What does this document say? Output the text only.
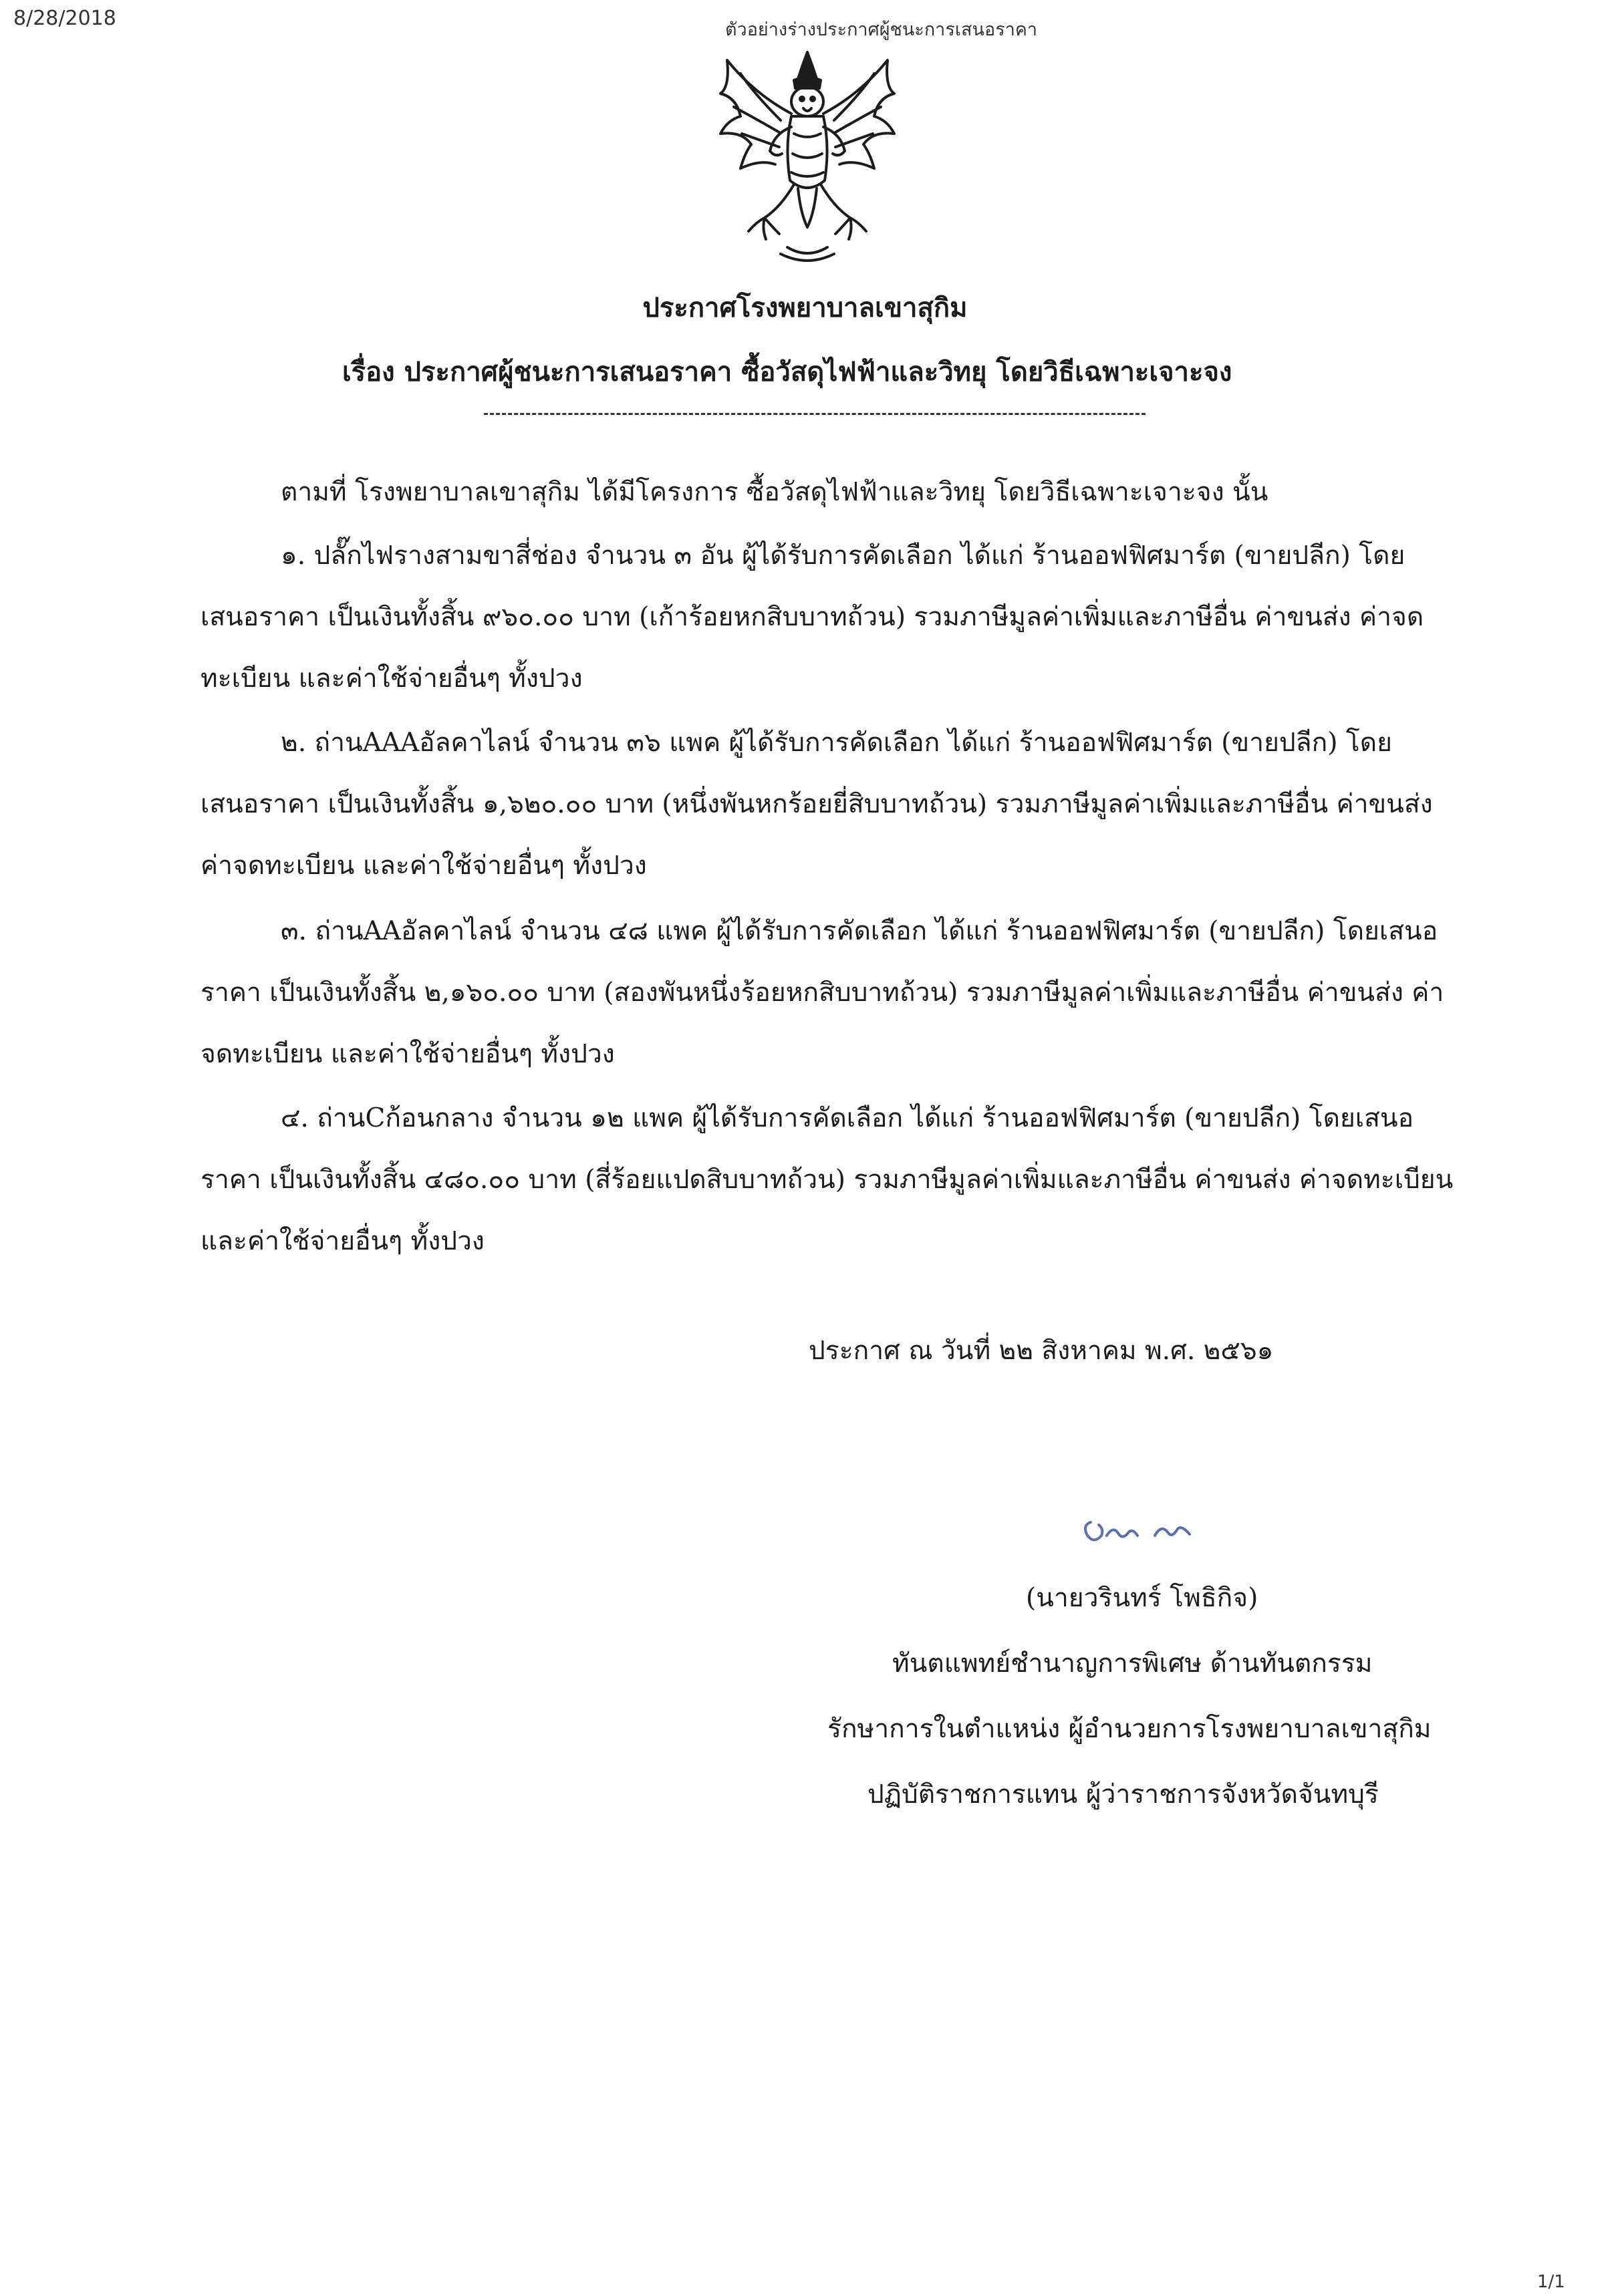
8/28/2018	ตัวอย่างร่างประกาศผู้ชนะการเสนอราคา
ประกาศโรงพยาบาลเขาสุกิม
เรื่อง ประกาศผู้ชนะการเสนอราคา ซื้อวัสดุไฟฟ้าและวิทยุ โดยวิธีเฉพาะเจาะจง
ตามที่ โรงพยาบาลเขาสุกิม ได้มีโครงการ ซื้อวัสดุไฟฟ้าและวิทยุ โดยวิธีเฉพาะเจาะจง นั้น
๑. ปลั๊กไฟรางสามขาสี่ช่อง จำนวน ๓ อัน ผู้ได้รับการคัดเลือก ได้แก่ ร้านออฟฟิศมาร์ต (ขายปลีก) โดย
เสนอราคา เป็นเงินทั้งสิ้น ๙๖๐.๐๐ บาท (เก้าร้อยหกสิบบาทถ้วน) รวมภาษีมูลค่าเพิ่มและภาษีอื่น ค่าขนส่ง ค่าจด
ทะเบียน และค่าใช้จ่ายอื่นๆ ทั้งปวง
๒. ถ่านAAAอัลคาไลน์ จำนวน ๓๖ แพค ผู้ได้รับการคัดเลือก ได้แก่ ร้านออฟฟิศมาร์ต (ขายปลีก) โดย
เสนอราคา เป็นเงินทั้งสิ้น ๑,๖๒๐.๐๐ บาท (หนึ่งพันหกร้อยยี่สิบบาทถ้วน) รวมภาษีมูลค่าเพิ่มและภาษีอื่น ค่าขนส่ง
ค่าจดทะเบียน และค่าใช้จ่ายอื่นๆ ทั้งปวง
๓. ถ่านAAอัลคาไลน์ จำนวน ๔๘ แพค ผู้ได้รับการคัดเลือก ได้แก่ ร้านออฟฟิศมาร์ต (ขายปลีก) โดยเสนอ
ราคา เป็นเงินทั้งสิ้น ๒,๑๖๐.๐๐ บาท (สองพันหนึ่งร้อยหกสิบบาทถ้วน) รวมภาษีมูลค่าเพิ่มและภาษีอื่น ค่าขนส่ง ค่า
จดทะเบียน และค่าใช้จ่ายอื่นๆ ทั้งปวง
๔. ถ่านCก้อนกลาง จำนวน ๑๒ แพค ผู้ได้รับการคัดเลือก ได้แก่ ร้านออฟฟิศมาร์ต (ขายปลีก) โดยเสนอ
ราคา เป็นเงินทั้งสิ้น ๔๘๐.๐๐ บาท (สี่ร้อยแปดสิบบาทถ้วน) รวมภาษีมูลค่าเพิ่มและภาษีอื่น ค่าขนส่ง ค่าจดทะเบียน
และค่าใช้จ่ายอื่นๆ ทั้งปวง
ประกาศ ณ วันที่ ๒๒ สิงหาคม พ.ศ. ๒๕๖๑
(นายวรินทร์ โพธิกิจ)
ทันตแพทย์ชำนาญการพิเศษ ด้านทันตกรรม
รักษาการในตำแหน่ง ผู้อำนวยการโรงพยาบาลเขาสุกิม
ปฏิบัติราชการแทน ผู้ว่าราชการจังหวัดจันทบุรี
1/1
